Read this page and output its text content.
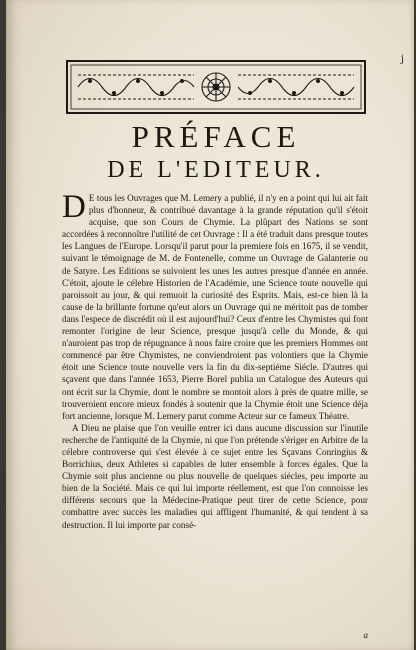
j
PRÉFACE
DE L'EDITEUR.

D E tous les Ouvrages que M. Lemery a publié, il n'y en a point qui lui ait fait plus d'honneur, & contribué davantage à la grande réputation qu'il s'étoit acquise, que son Cours de Chymie. La plûpart des Nations se sont accordées à reconnoître l'utilité de cet Ouvrage : Il a été traduit dans presque toutes les Langues de l'Europe. Lorsqu'il parut pour la premiere fois en 1675, il se vendit, suivant le témoignage de M. de Fontenelle, comme un Ouvrage de Galanterie ou de Satyre. Les Editions se suivoient les unes les autres presque d'année en année. C'étoit, ajoute le célebre Historien de l'Académie, une Science toute nouvelle qui paroissoit au jour, & qui remuoit la curiosité des Esprits. Mais, est-ce bien là la cause de la brillante fortune qu'eut alors un Ouvrage qui ne méritoit pas de tomber dans l'espece de discrédit où il est aujourd'hui? Ceux d'entre les Chymistes qui font remonter l'origine de leur Science, presque jusqu'à celle du Monde, & qui n'auroient pas trop de répugnance à nous faire croire que les premiers Hommes ont commencé par être Chymistes, ne conviendroient pas volontiers que la Chymie étoit une Science toute nouvelle vers la fin du dix-septiéme Siécle. D'autres qui sçavent que dans l'année 1653, Pierre Borel publia un Catalogue des Auteurs qui ont écrit sur la Chymie, dont le nombre se montoit alors à près de quatre mille, se trouveroient encore mieux fondés à soutenir que la Chymie étoit une Science déja fort ancienne, lorsque M. Lemery parut comme Acteur sur ce fameux Théatre.

A Dieu ne plaise que l'on veuille entrer ici dans aucune discussion sur l'inutile recherche de l'antiquité de la Chymie, ni que l'on prétende s'ériger en Arbitre de la célebre controverse qui s'est élevée à ce sujet entre les Sçavans Conringius & Borrichius, deux Athletes si capables de luter ensemble à forces égales. Que la Chymie soit plus ancienne ou plus nouvelle de quelques siécles, peu importe au bien de la Société. Mais ce qui lui importe réellement, est que l'on connoisse les différens secours que la Médecine-Pratique peut tirer de cette Science, pour combattre avec succès les maladies qui affligent l'humanité, & qui tendent à sa destruction. Il lui importe par consé-

a
